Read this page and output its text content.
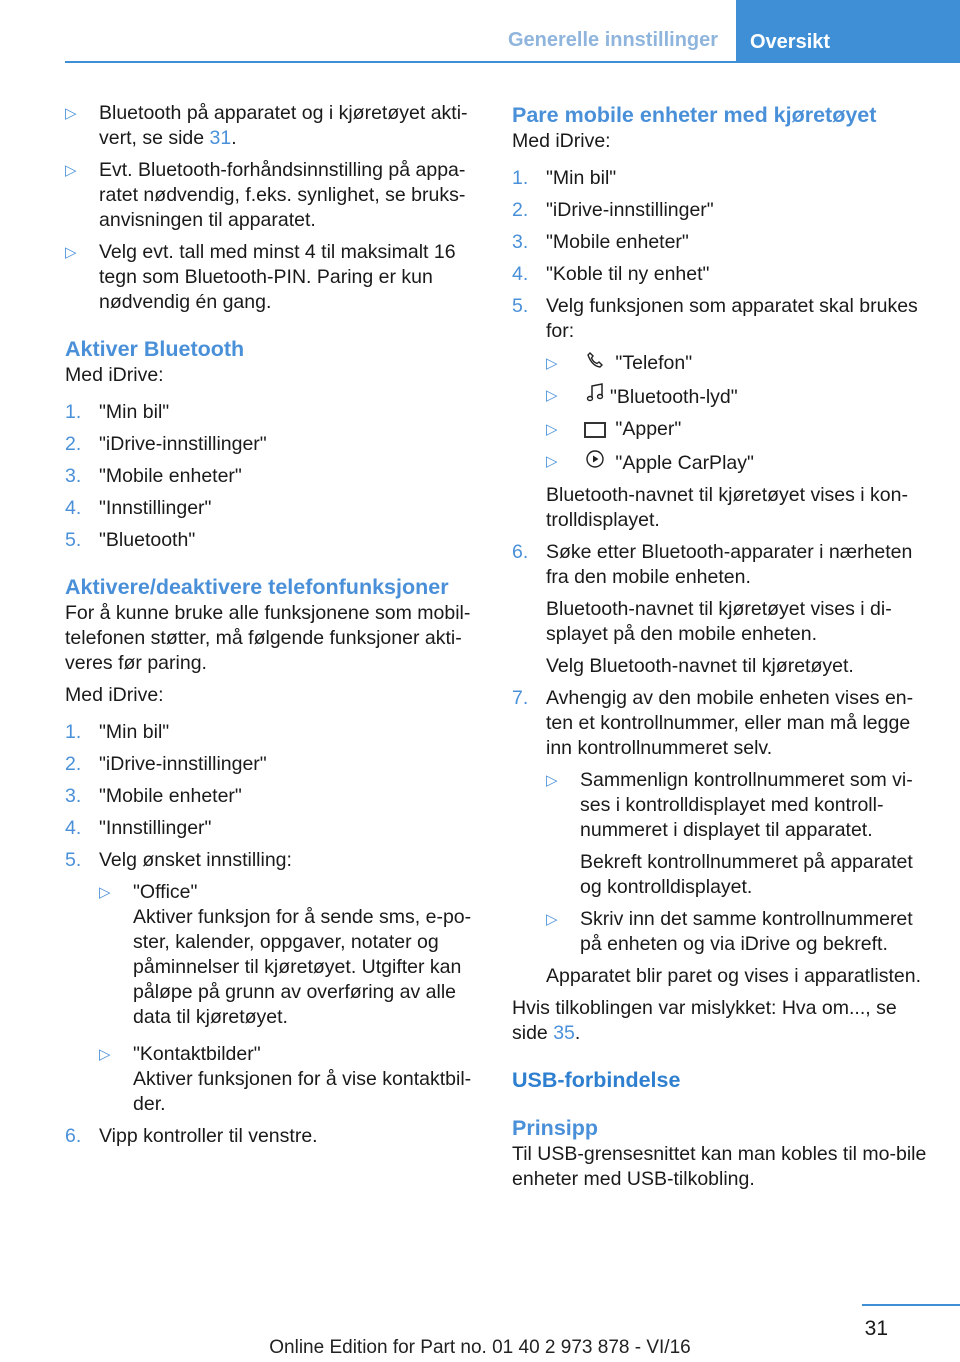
Generelle innstillinger	Oversikt
▷	Bluetooth på apparatet og i kjøretøyet akti‐vert, se side 31.
▷	Evt. Bluetooth-forhåndsinnstilling på appa‐ratet nødvendig, f.eks. synlighet, se bruks‐anvisningen til apparatet.
▷	Velg evt. tall med minst 4 til maksimalt 16 tegn som Bluetooth-PIN. Paring er kun nødvendig én gang.
Aktiver Bluetooth

Med iDrive:

1. "Min bil"
2. "iDrive-innstillinger"
3. "Mobile enheter"
4. "Innstillinger"
5. "Bluetooth"
Aktivere/deaktivere telefonfunksjoner

For å kunne bruke alle funksjonene som mobil‐telefonen støtter, må følgende funksjoner akti‐veres før paring.

Med iDrive:

1. "Min bil"
2. "iDrive-innstillinger"
3. "Mobile enheter"
4. "Innstillinger"
5. Velg ønsket innstilling:

▷	"Office"

Aktiver funksjon for å sende sms, e-po‐ster, kalender, oppgaver, notater og påminnelser til kjøretøyet. Utgifter kan påløpe på grunn av overføring av alle data til kjøretøyet.

▷	"Kontaktbilder"

Aktiver funksjonen for å vise kontaktbil‐der.

6. Vipp kontroller til venstre.
Pare mobile enheter med kjøretøyet

Med iDrive:

1. "Min bil"
2. "iDrive-innstillinger"
3. "Mobile enheter"
4. "Koble til ny enhet"
5. Velg funksjonen som apparatet skal brukes for:

▷	"Telefon"
▷	"Bluetooth-lyd"
▷	"Apper"
▷	"Apple CarPlay"

Bluetooth-navnet til kjøretøyet vises i kon‐trolldisplayet.

6. Søke etter Bluetooth-apparater i nærheten fra den mobile enheten.

Bluetooth-navnet til kjøretøyet vises i di‐splayet på den mobile enheten.

Velg Bluetooth-navnet til kjøretøyet.

7. Avhengig av den mobile enheten vises en‐ten et kontrollnummer, eller man må legge inn kontrollnummeret selv.

▷	Sammenlign kontrollnummeret som vi‐ses i kontrolldisplayet med kontroll‐nummeret i displayet til apparatet.

Bekreft kontrollnummeret på apparatet og kontrolldisplayet.

▷	Skriv inn det samme kontrollnummeret på enheten og via iDrive og bekreft.

Apparatet blir paret og vises i apparatlisten.

Hvis tilkoblingen var mislykket: Hva om..., se side 35.

USB-forbindelse
Prinsipp

Til USB-grensesnittet kan man kobles til mo‐bile enheter med USB-tilkobling.

31
Online Edition for Part no. 01 40 2 973 878 - VI/16
